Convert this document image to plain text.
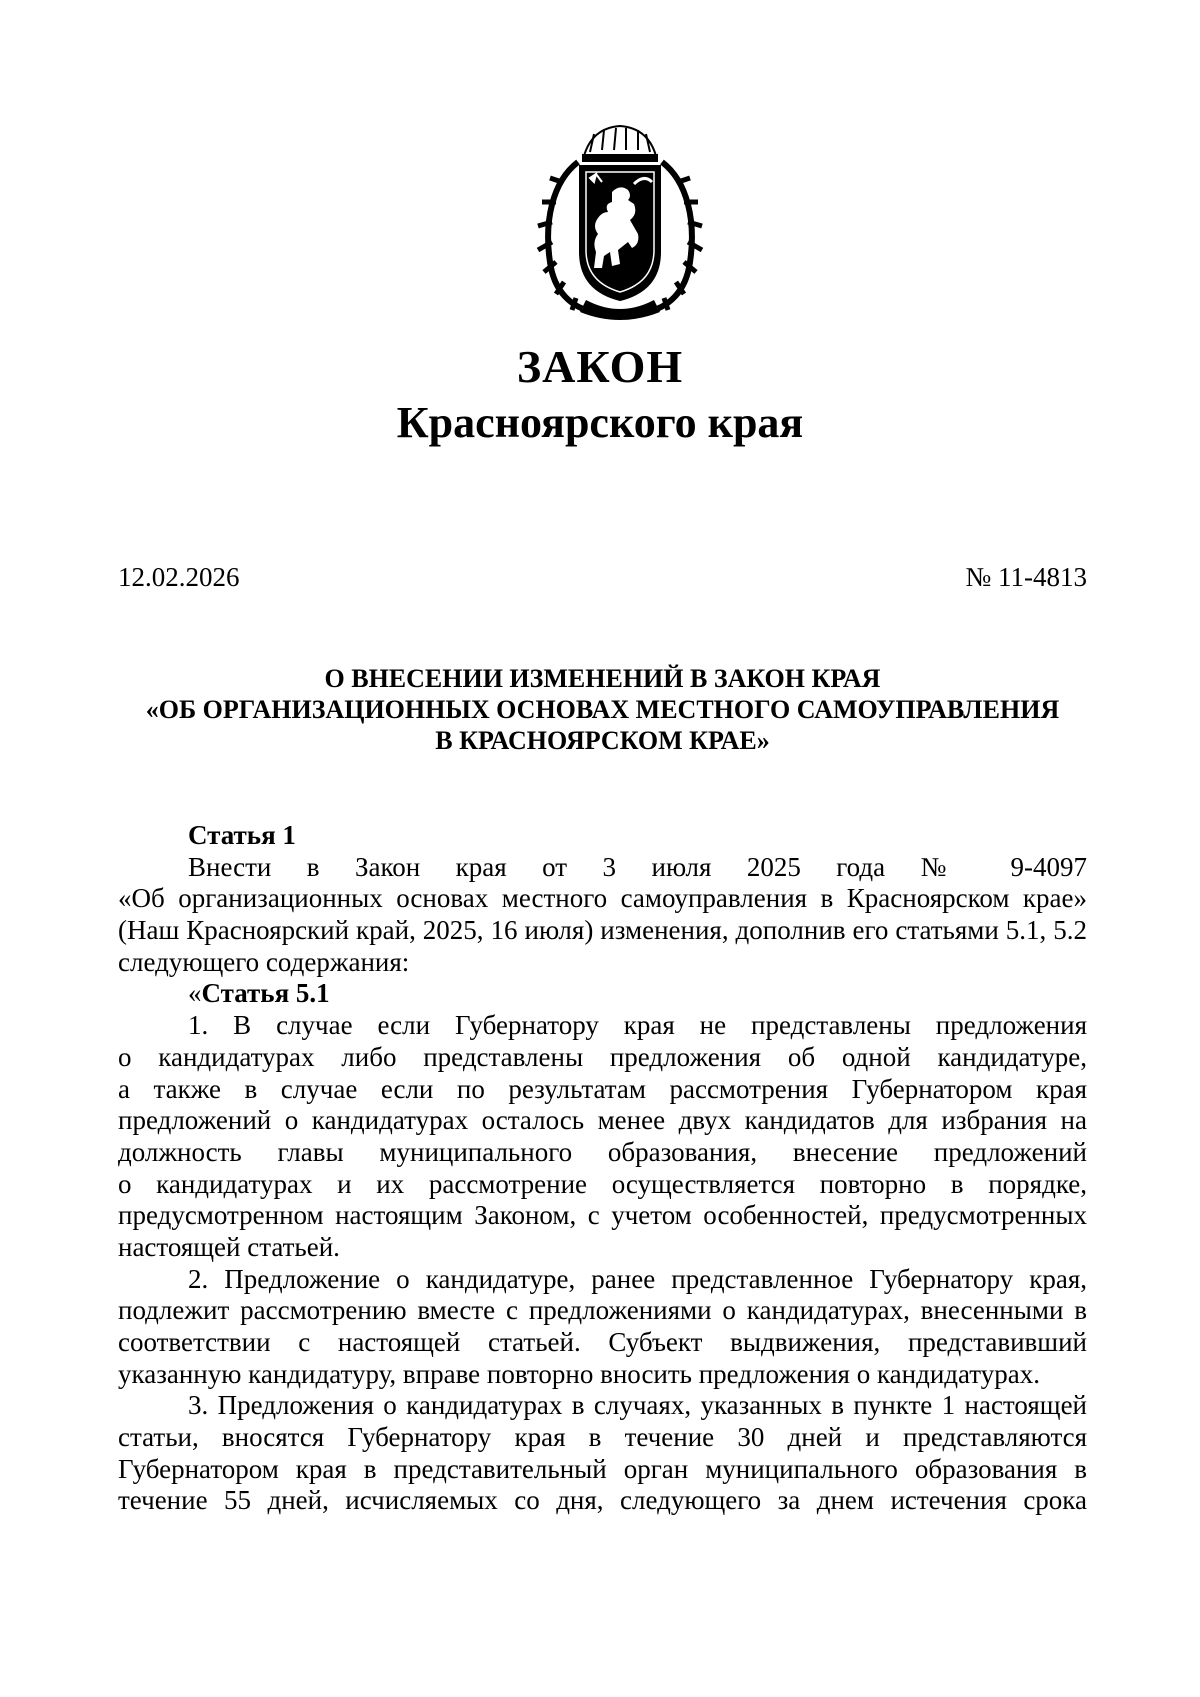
ЗАКОН
Красноярского края
12.02.2026	№ 11-4813
О ВНЕСЕНИИ ИЗМЕНЕНИЙ В ЗАКОН КРАЯ
«ОБ ОРГАНИЗАЦИОННЫХ ОСНОВАХ МЕСТНОГО САМОУПРАВЛЕНИЯ
В КРАСНОЯРСКОМ КРАЕ»
Статья 1
Внести в Закон края от 3 июля 2025 года № 9-4097
«Об организационных основах местного самоуправления в Красноярском крае»
(Наш Красноярский край, 2025, 16 июля) изменения, дополнив его статьями 5.1, 5.2
следующего содержания:
«Статья 5.1
1. В случае если Губернатору края не представлены предложения
о кандидатурах либо представлены предложения об одной кандидатуре,
а также в случае если по результатам рассмотрения Губернатором края
предложений о кандидатурах осталось менее двух кандидатов для избрания на
должность главы муниципального образования, внесение предложений
о кандидатурах и их рассмотрение осуществляется повторно в порядке,
предусмотренном настоящим Законом, с учетом особенностей, предусмотренных
настоящей статьей.
2. Предложение о кандидатуре, ранее представленное Губернатору края,
подлежит рассмотрению вместе с предложениями о кандидатурах, внесенными в
соответствии с настоящей статьей. Субъект выдвижения, представивший
указанную кандидатуру, вправе повторно вносить предложения о кандидатурах.
3. Предложения о кандидатурах в случаях, указанных в пункте 1 настоящей
статьи, вносятся Губернатору края в течение 30 дней и представляются
Губернатором края в представительный орган муниципального образования в
течение 55 дней, исчисляемых со дня, следующего за днем истечения срока
